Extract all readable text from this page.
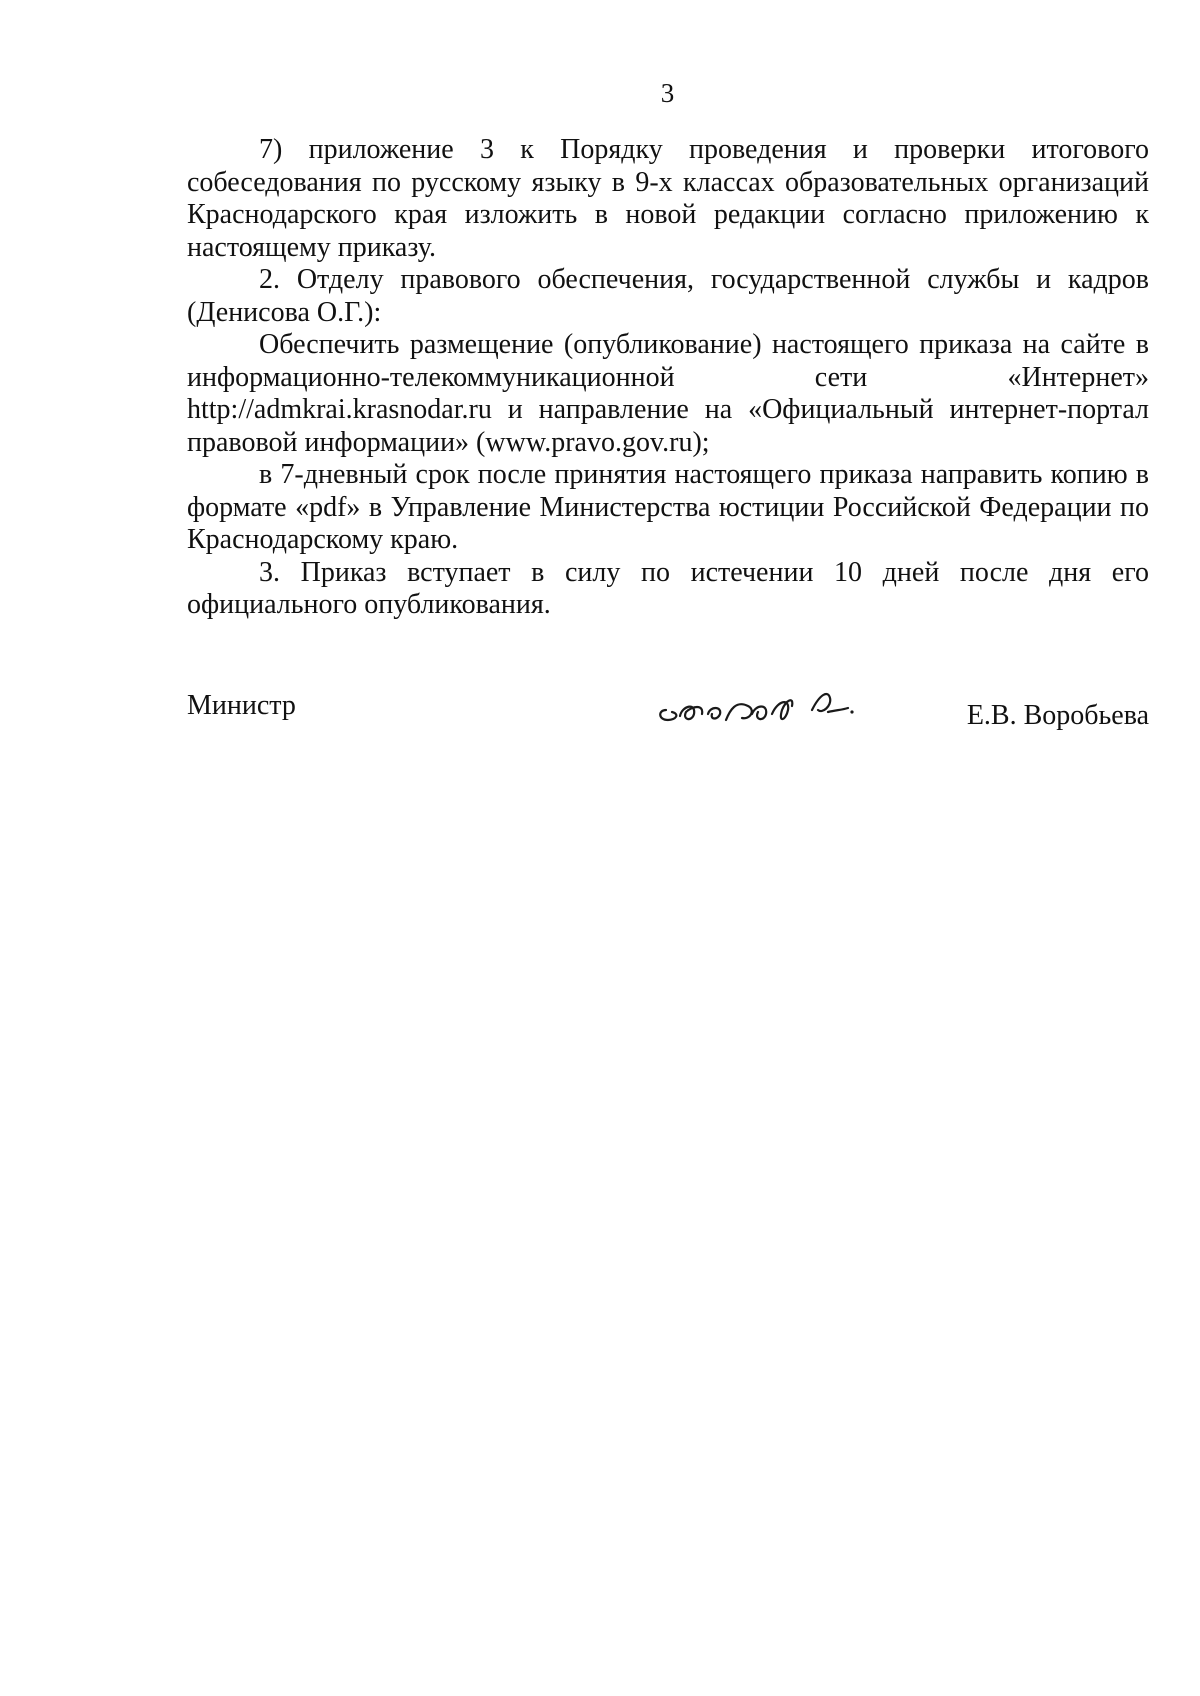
3

7) приложение 3 к Порядку проведения и проверки итогового собеседования по русскому языку в 9-х классах образовательных организаций Краснодарского края изложить в новой редакции согласно приложению к настоящему приказу.

2. Отделу правового обеспечения, государственной службы и кадров (Денисова О.Г.):

Обеспечить размещение (опубликование) настоящего приказа на сайте в информационно-телекоммуникационной сети «Интернет» http://admkrai.krasnodar.ru и направление на «Официальный интернет-портал правовой информации» (www.pravo.gov.ru);

в 7-дневный срок после принятия настоящего приказа направить копию в формате «pdf» в Управление Министерства юстиции Российской Федерации по Краснодарскому краю.

3. Приказ вступает в силу по истечении 10 дней после дня его официального опубликования.

Министр	Е.В. Воробьева
